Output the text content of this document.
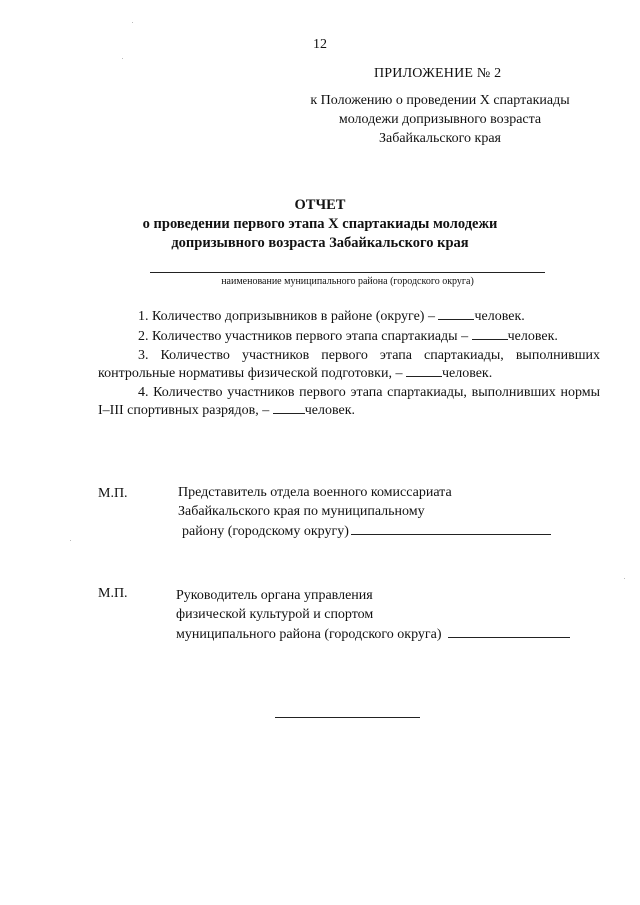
12
ПРИЛОЖЕНИЕ № 2
к Положению о проведении Х спартакиады
молодежи допризывного возраста
Забайкальского края
ОТЧЕТ
о проведении первого этапа Х спартакиады молодежи
допризывного возраста Забайкальского края
наименование муниципального района (городского округа)

1. Количество допризывников в районе (округе) –	человек.

2. Количество участников первого этапа спартакиады –	человек.

3. Количество участников первого этапа спартакиады, выполнивших контрольные нормативы физической подготовки, –	человек.

4. Количество участников первого этапа спартакиады, выполнивших нормы I–III спортивных разрядов, – человек.

М.П.	Представитель отдела военного комиссариата
Забайкальского края по муниципальному
району (городскому округу)
М.П.	Руководитель органа управления
физической культурой и спортом
муниципального района (городского округа)
